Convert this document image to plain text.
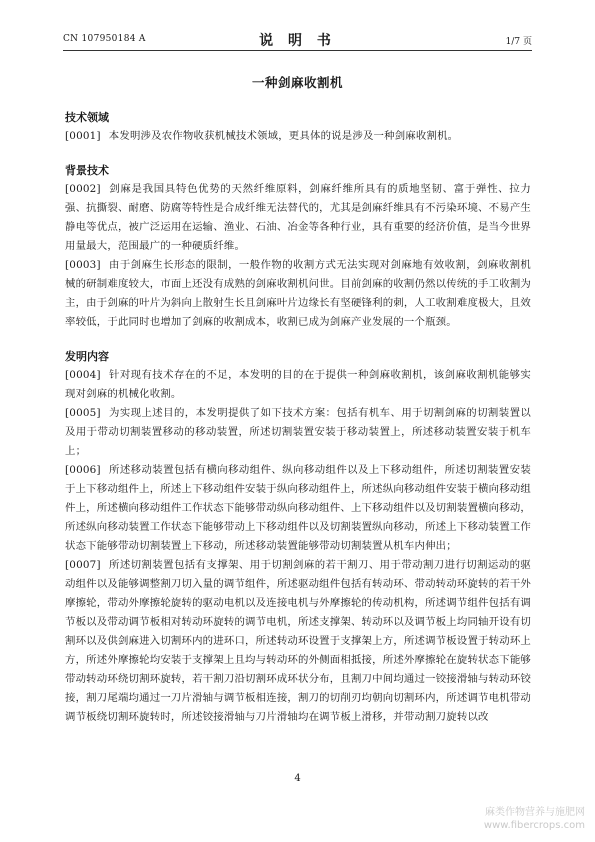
CN 107950184 A	说 明 书	1/7 页
一种剑麻收割机
技术领域

[0001] 本发明涉及农作物收获机械技术领域，更具体的说是涉及一种剑麻收割机。

背景技术

[0002] 剑麻是我国具特色优势的天然纤维原料，剑麻纤维所具有的质地坚韧、富于弹性、拉力强、抗撕裂、耐磨、防腐等特性是合成纤维无法替代的，尤其是剑麻纤维具有不污染环境、不易产生静电等优点，被广泛运用在运输、渔业、石油、冶金等各种行业，具有重要的经济价值，是当今世界用量最大，范围最广的一种硬质纤维。

[0003] 由于剑麻生长形态的限制，一般作物的收割方式无法实现对剑麻地有效收割，剑麻收割机械的研制难度较大，市面上还没有成熟的剑麻收割机问世。目前剑麻的收割仍然以传统的手工收割为主，由于剑麻的叶片为斜向上散射生长且剑麻叶片边缘长有坚硬锋利的刺，人工收割难度极大，且效率较低，于此同时也增加了剑麻的收割成本，收割已成为剑麻产业发展的一个瓶颈。

发明内容

[0004] 针对现有技术存在的不足，本发明的目的在于提供一种剑麻收割机，该剑麻收割机能够实现对剑麻的机械化收割。

[0005] 为实现上述目的，本发明提供了如下技术方案：包括有机车、用于切割剑麻的切割装置以及用于带动切割装置移动的移动装置，所述切割装置安装于移动装置上，所述移动装置安装于机车上；

[0006] 所述移动装置包括有横向移动组件、纵向移动组件以及上下移动组件，所述切割装置安装于上下移动组件上，所述上下移动组件安装于纵向移动组件上，所述纵向移动组件安装于横向移动组件上，所述横向移动组件工作状态下能够带动纵向移动组件、上下移动组件以及切割装置横向移动，所述纵向移动装置工作状态下能够带动上下移动组件以及切割装置纵向移动，所述上下移动装置工作状态下能够带动切割装置上下移动，所述移动装置能够带动切割装置从机车内伸出；

[0007] 所述切割装置包括有支撑架、用于切割剑麻的若干割刀、用于带动割刀进行切割运动的驱动组件以及能够调整割刀切入量的调节组件，所述驱动组件包括有转动环、带动转动环旋转的若干外摩擦轮，带动外摩擦轮旋转的驱动电机以及连接电机与外摩擦轮的传动机构，所述调节组件包括有调节板以及带动调节板相对转动环旋转的调节电机，所述支撑架、转动环以及调节板上均同轴开设有切割环以及供剑麻进入切割环内的进环口，所述转动环设置于支撑架上方，所述调节板设置于转动环上方，所述外摩擦轮均安装于支撑架上且均与转动环的外侧面相抵接，所述外摩擦轮在旋转状态下能够带动转动环绕切割环旋转，若干割刀沿切割环成环状分布，且割刀中间均通过一铰接滑轴与转动环铰接，割刀尾端均通过一刀片滑轴与调节板相连接，割刀的切削刃均朝向切割环内，所述调节电机带动调节板绕切割环旋转时，所述铰接滑轴与刀片滑轴均在调节板上滑移，并带动割刀旋转以改

4
麻类作物营养与施肥网
www.fibercrops.com
